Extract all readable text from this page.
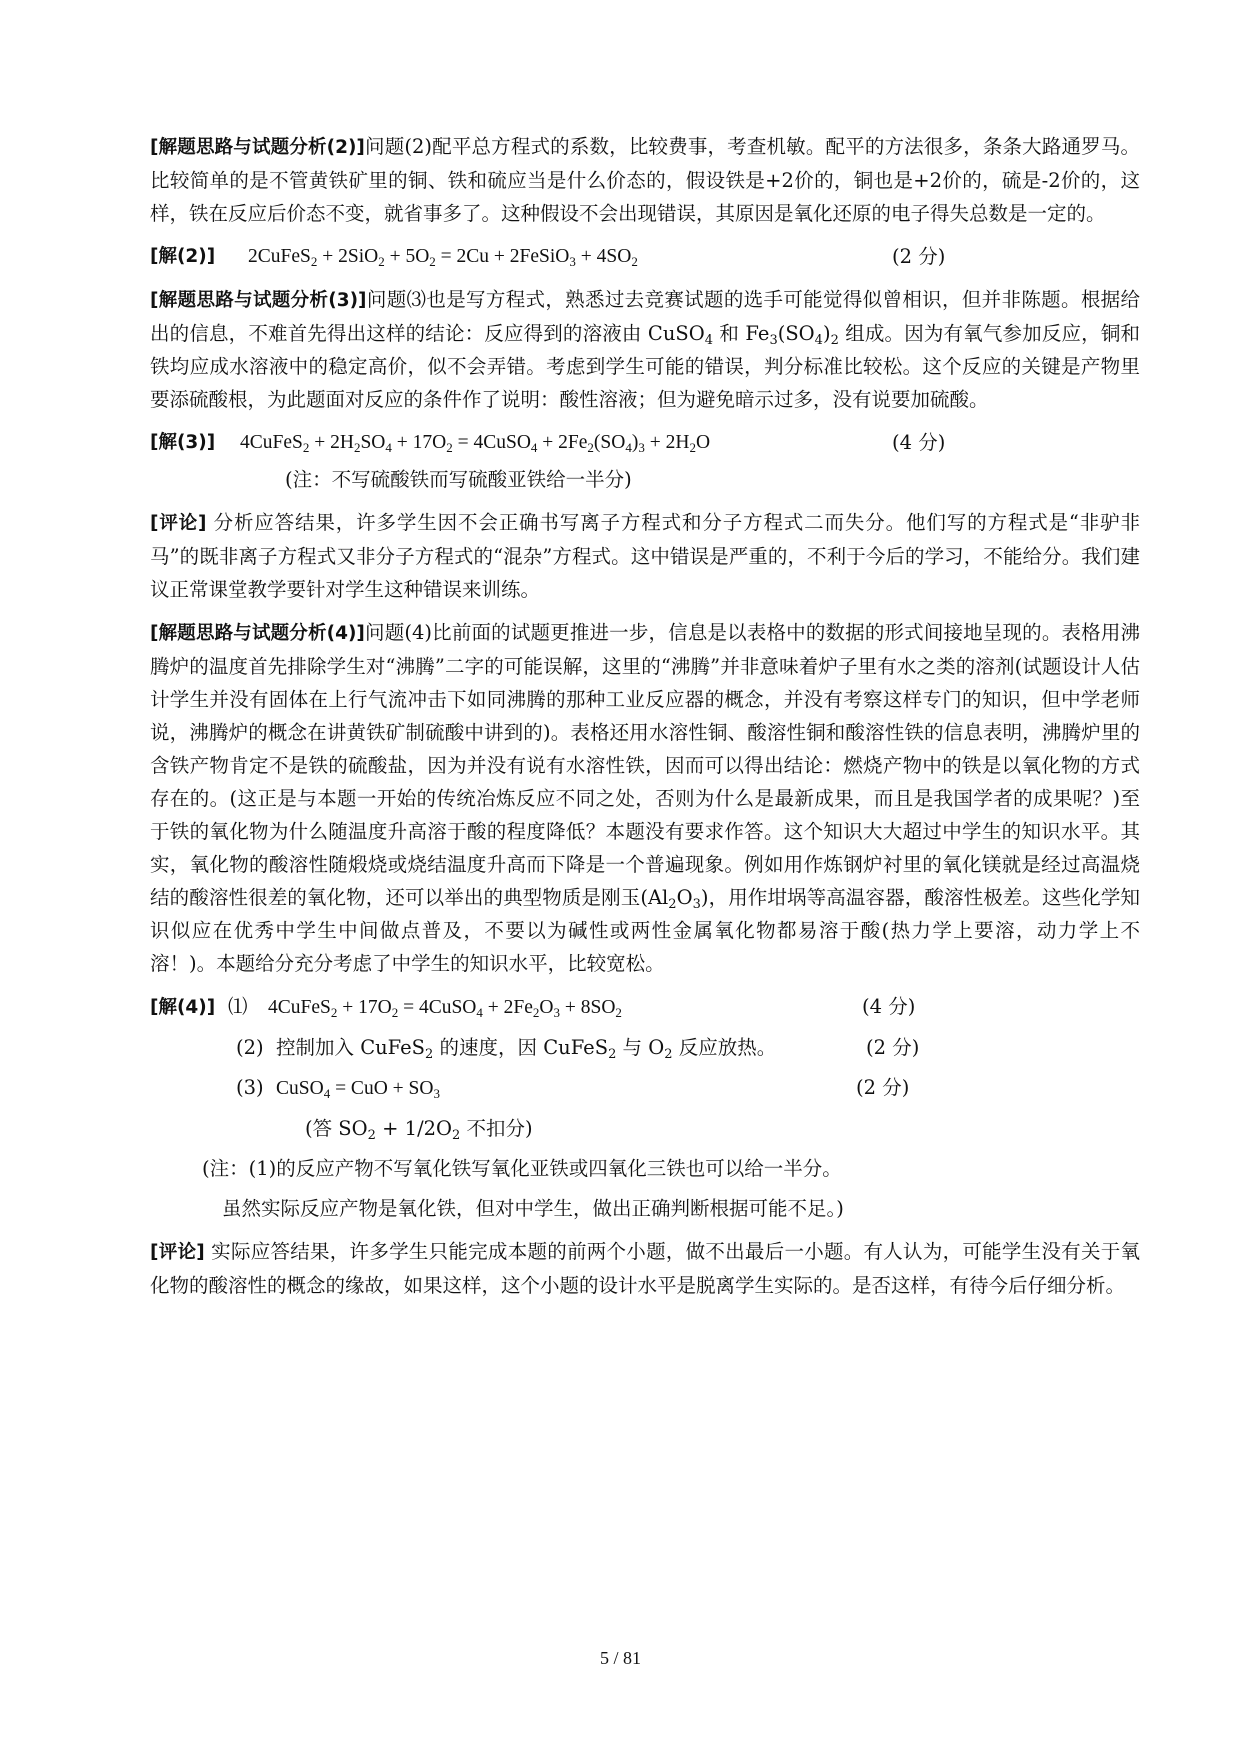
[解题思路与试题分析(2)]问题(2)配平总方程式的系数，比较费事，考查机敏。配平的方法很多，条条大路通罗马。比较简单的是不管黄铁矿里的铜、铁和硫应当是什么价态的，假设铁是+2价的，铜也是+2价的，硫是-2价的，这样，铁在反应后价态不变，就省事多了。这种假设不会出现错误，其原因是氧化还原的电子得失总数是一定的。

[解(2)]	2CuFeS$_2$ + $2SiO_2 + 5O_2 = 2Cu$ + 2FeSiO$_3$ + $4SO_2$	(2 分)

[解题思路与试题分析(3)]问题⑶也是写方程式，熟悉过去竞赛试题的选手可能觉得似曾相识，但并非陈题。根据给出的信息，不难首先得出这样的结论：反应得到的溶液由 CuSO$_4$ 和 $Fe_3(SO_4)_2$ 组成。因为有氧气参加反应，铜和铁均应成水溶液中的稳定高价，似不会弄错。考虑到学生可能的错误，判分标准比较松。这个反应的关键是产物里要添硫酸根，为此题面对反应的条件作了说明：酸性溶液；但为避免暗示过多，没有说要加硫酸。

[解(3)]	4CuFeS$_2$ + $2H_2SO_4 + 17O_2$ = 4CuSO$_4$ + $2Fe_2(SO_4)_3 + 2H_2O$	(4 分)

(注：不写硫酸铁而写硫酸亚铁给一半分)

[评论] 分析应答结果，许多学生因不会正确书写离子方程式和分子方程式二而失分。他们写的方程式是“非驴非马”的既非离子方程式又非分子方程式的“混杂”方程式。这中错误是严重的，不利于今后的学习，不能给分。我们建议正常课堂教学要针对学生这种错误来训练。

[解题思路与试题分析(4)]问题(4)比前面的试题更推进一步，信息是以表格中的数据的形式间接地呈现的。表格用沸腾炉的温度首先排除学生对“沸腾”二字的可能误解，这里的“沸腾”并非意味着炉子里有水之类的溶剂(试题设计人估计学生并没有固体在上行气流冲击下如同沸腾的那种工业反应器的概念，并没有考察这样专门的知识，但中学老师说，沸腾炉的概念在讲黄铁矿制硫酸中讲到的)。表格还用水溶性铜、酸溶性铜和酸溶性铁的信息表明，沸腾炉里的含铁产物肯定不是铁的硫酸盐，因为并没有说有水溶性铁，因而可以得出结论：燃烧产物中的铁是以氧化物的方式存在的。(这正是与本题一开始的传统冶炼反应不同之处，否则为什么是最新成果，而且是我国学者的成果呢？)至于铁的氧化物为什么随温度升高溶于酸的程度降低？本题没有要求作答。这个知识大大超过中学生的知识水平。其实，氧化物的酸溶性随煅烧或烧结温度升高而下降是一个普遍现象。例如用作炼钢炉衬里的氧化镁就是经过高温烧结的酸溶性很差的氧化物，还可以举出的典型物质是刚玉$(Al_2O_3)$，用作坩埚等高温容器，酸溶性极差。这些化学知识似应在优秀中学生中间做点普及，不要以为碱性或两性金属氧化物都易溶于酸(热力学上要溶，动力学上不溶！)。本题给分充分考虑了中学生的知识水平，比较宽松。

[解(4)] ⑴	4CuFeS$_2$ + $17O_2$ = 4CuSO$_4$ + $2Fe_2O_3 + 8SO_2$	(4 分)
(2) 控制加入 CuFeS$_2$ 的速度，因 CuFeS$_2$ 与 $O_2$ 反应放热。	(2 分)
(3) CuSO$_4$ = CuO + $SO_3$	(2 分)

(答 $SO_2 + 1/2O_2$ 不扣分)

(注：(1)的反应产物不写氧化铁写氧化亚铁或四氧化三铁也可以给一半分。

虽然实际反应产物是氧化铁，但对中学生，做出正确判断根据可能不足。)

[评论] 实际应答结果，许多学生只能完成本题的前两个小题，做不出最后一小题。有人认为，可能学生没有关于氧化物的酸溶性的概念的缘故，如果这样，这个小题的设计水平是脱离学生实际的。是否这样，有待今后仔细分析。

5 / 81
